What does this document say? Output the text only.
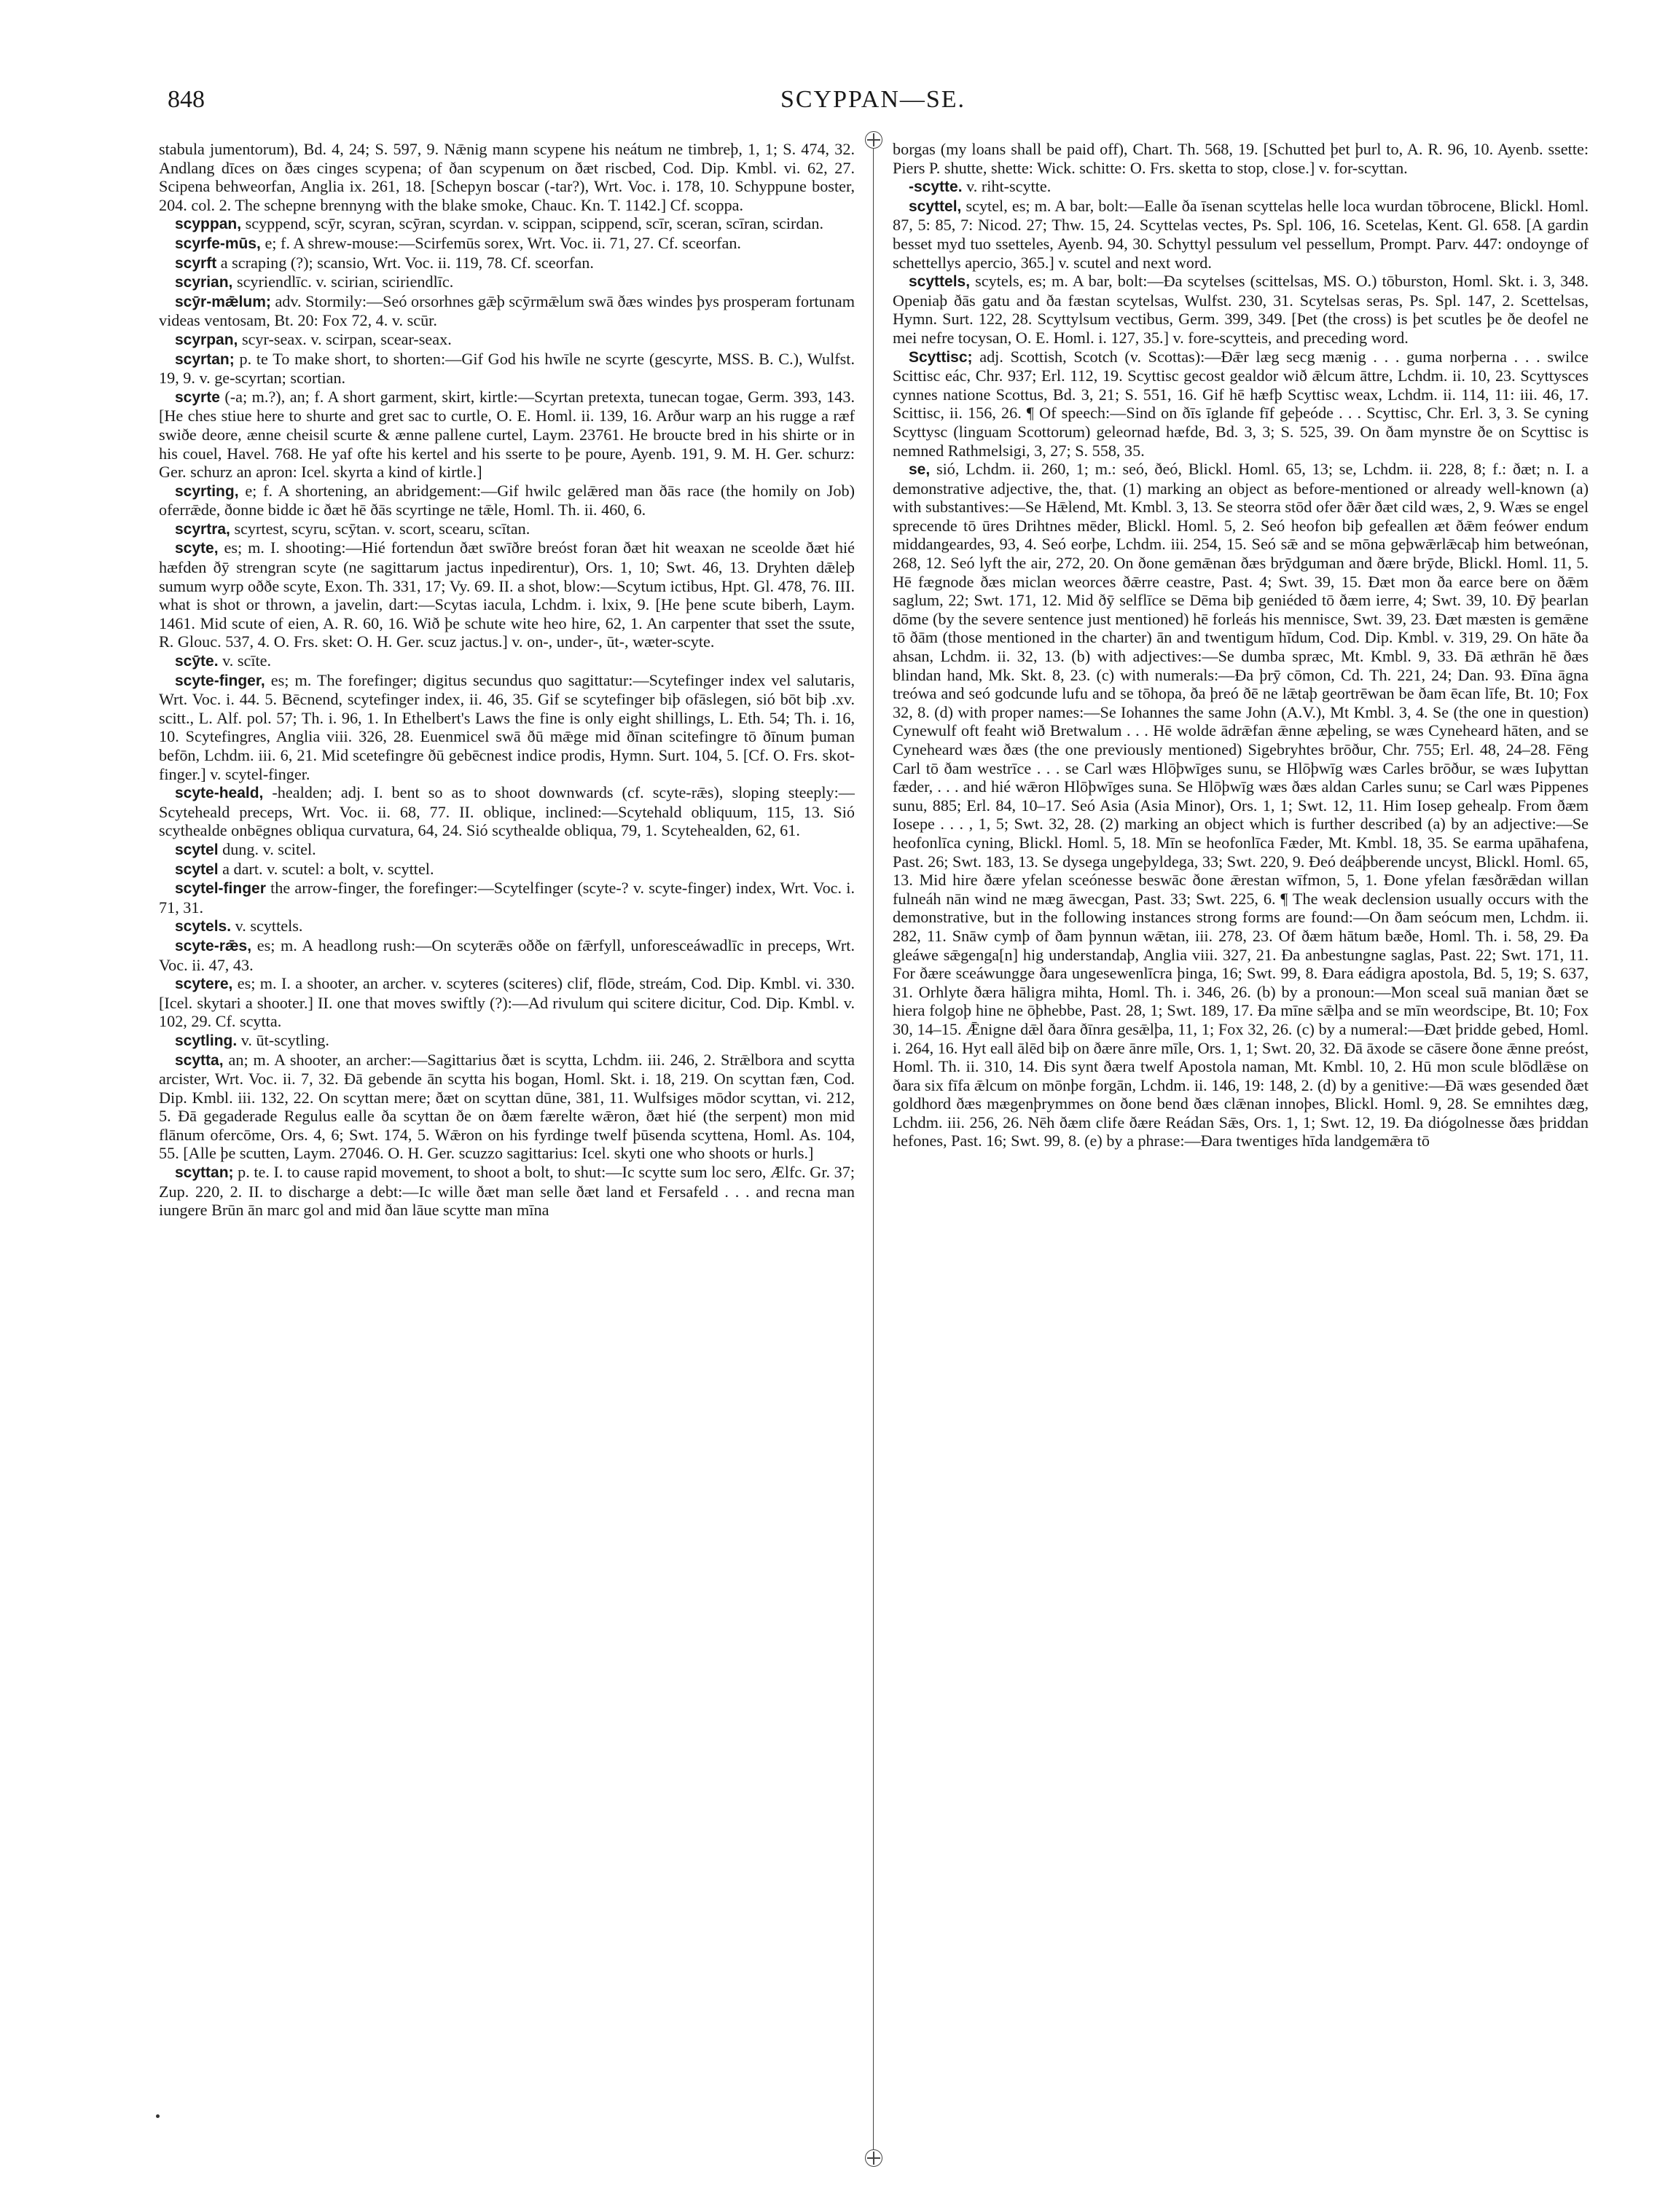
848	SCYPPAN—SE.

stabula jumentorum), Bd. 4, 24; S. 597, 9. Nǣnig mann scypene his neátum ne timbreþ, 1, 1; S. 474, 32. Andlang dīces on ðæs cinges scypena; of ðan scypenum on ðæt riscbed, Cod. Dip. Kmbl. vi. 62, 27. Scipena behweorfan, Anglia ix. 261, 18. [Schepyn boscar (-tar?), Wrt. Voc. i. 178, 10. Schyppune boster, 204. col. 2. The schepne brennyng with the blake smoke, Chauc. Kn. T. 1142.] Cf. scoppa.

scyppan, scyppend, scȳr, scyran, scȳran, scyrdan. v. scippan, scippend, scīr, sceran, scīran, scirdan.

scyrfe-mūs, e; f. A shrew-mouse:—Scirfemūs sorex, Wrt. Voc. ii. 71, 27. Cf. sceorfan.

scyrft a scraping (?); scansio, Wrt. Voc. ii. 119, 78. Cf. sceorfan.

scyrian, scyriendlīc. v. scirian, sciriendlīc.

scȳr-mǣlum; adv. Stormily:—Seó orsorhnes gǣþ scȳrmǣlum swā ðæs windes þys prosperam fortunam videas ventosam, Bt. 20: Fox 72, 4. v. scūr.

scyrpan, scyr-seax. v. scirpan, scear-seax.

scyrtan; p. te To make short, to shorten:—Gif God his hwīle ne scyrte (gescyrte, MSS. B. C.), Wulfst. 19, 9. v. ge-scyrtan; scortian.

scyrte (-a; m.?), an; f. A short garment, skirt, kirtle:—Scyrtan pretexta, tunecan togae, Germ. 393, 143. [He ches stiue here to shurte and gret sac to curtle, O. E. Homl. ii. 139, 16. Arður warp an his rugge a ræf swiðe deore, ænne cheisil scurte & ænne pallene curtel, Laym. 23761. He broucte bred in his shirte or in his couel, Havel. 768. He yaf ofte his kertel and his sserte to þe poure, Ayenb. 191, 9. M. H. Ger. schurz: Ger. schurz an apron: Icel. skyrta a kind of kirtle.]

scyrting, e; f. A shortening, an abridgement:—Gif hwilc gelǣred man ðās race (the homily on Job) oferrǣde, ðonne bidde ic ðæt hē ðās scyrtinge ne tǣle, Homl. Th. ii. 460, 6.

scyrtra, scyrtest, scyru, scȳtan. v. scort, scearu, scītan.

scyte, es; m. I. shooting:—Hié fortendun ðæt swīðre breóst foran ðæt hit weaxan ne sceolde ðæt hié hæfden ðȳ strengran scyte (ne sagittarum jactus inpedirentur), Ors. 1, 10; Swt. 46, 13. Dryhten dǣleþ sumum wyrp oððe scyte, Exon. Th. 331, 17; Vy. 69. II. a shot, blow:—Scytum ictibus, Hpt. Gl. 478, 76. III. what is shot or thrown, a javelin, dart:—Scytas iacula, Lchdm. i. lxix, 9. [He þene scute biberh, Laym. 1461. Mid scute of eien, A. R. 60, 16. Wið þe schute wite heo hire, 62, 1. An carpenter that sset the ssute, R. Glouc. 537, 4. O. Frs. sket: O. H. Ger. scuz jactus.] v. on-, under-, ūt-, wæter-scyte.

scȳte. v. scīte.

scyte-finger, es; m. The forefinger; digitus secundus quo sagittatur:—Scytefinger index vel salutaris, Wrt. Voc. i. 44. 5. Bēcnend, scytefinger index, ii. 46, 35. Gif se scytefinger biþ ofāslegen, sió bōt biþ .xv. scitt., L. Alf. pol. 57; Th. i. 96, 1. In Ethelbert's Laws the fine is only eight shillings, L. Eth. 54; Th. i. 16, 10. Scytefingres, Anglia viii. 326, 28. Euenmicel swā ðū mǣge mid ðīnan scitefingre tō ðīnum þuman befōn, Lchdm. iii. 6, 21. Mid scetefingre ðū gebēcnest indice prodis, Hymn. Surt. 104, 5. [Cf. O. Frs. skot-finger.] v. scytel-finger.

scyte-heald, -healden; adj. I. bent so as to shoot downwards (cf. scyte-rǣs), sloping steeply:—Scyteheald preceps, Wrt. Voc. ii. 68, 77. II. oblique, inclined:—Scytehald obliquum, 115, 13. Sió scythealde onbēgnes obliqua curvatura, 64, 24. Sió scythealde obliqua, 79, 1. Scytehealden, 62, 61.

scytel dung. v. scitel.

scytel a dart. v. scutel: a bolt, v. scyttel.

scytel-finger the arrow-finger, the forefinger:—Scytelfinger (scyte-? v. scyte-finger) index, Wrt. Voc. i. 71, 31.

scytels. v. scyttels.

scyte-rǣs, es; m. A headlong rush:—On scyterǣs oððe on fǣrfyll, unforesceáwadlīc in preceps, Wrt. Voc. ii. 47, 43.

scytere, es; m. I. a shooter, an archer. v. scyteres (sciteres) clif, flōde, streám, Cod. Dip. Kmbl. vi. 330. [Icel. skytari a shooter.] II. one that moves swiftly (?):—Ad rivulum qui scitere dicitur, Cod. Dip. Kmbl. v. 102, 29. Cf. scytta.

scytling. v. ūt-scytling.

scytta, an; m. A shooter, an archer:—Sagittarius ðæt is scytta, Lchdm. iii. 246, 2. Strǣlbora and scytta arcister, Wrt. Voc. ii. 7, 32. Ðā gebende ān scytta his bogan, Homl. Skt. i. 18, 219. On scyttan fæn, Cod. Dip. Kmbl. iii. 132, 22. On scyttan mere; ðæt on scyttan dūne, 381, 11. Wulfsiges mōdor scyttan, vi. 212, 5. Ðā gegaderade Regulus ealle ða scyttan ðe on ðæm færelte wǣron, ðæt hié (the serpent) mon mid flānum ofercōme, Ors. 4, 6; Swt. 174, 5. Wǣron on his fyrdinge twelf þūsenda scyttena, Homl. As. 104, 55. [Alle þe scutten, Laym. 27046. O. H. Ger. scuzzo sagittarius: Icel. skyti one who shoots or hurls.]

scyttan; p. te. I. to cause rapid movement, to shoot a bolt, to shut:—Ic scytte sum loc sero, Ælfc. Gr. 37; Zup. 220, 2. II. to discharge a debt:—Ic wille ðæt man selle ðæt land et Fersafeld . . . and recna man iungere Brūn ān marc gol and mid ðan lāue scytte man mīna

borgas (my loans shall be paid off), Chart. Th. 568, 19. [Schutted þet þurl to, A. R. 96, 10. Ayenb. ssette: Piers P. shutte, shette: Wick. schitte: O. Frs. sketta to stop, close.] v. for-scyttan.

-scytte. v. riht-scytte.

scyttel, scytel, es; m. A bar, bolt:—Ealle ða īsenan scyttelas helle loca wurdan tōbrocene, Blickl. Homl. 87, 5: 85, 7: Nicod. 27; Thw. 15, 24. Scyttelas vectes, Ps. Spl. 106, 16. Scetelas, Kent. Gl. 658. [A gardin besset myd tuo ssetteles, Ayenb. 94, 30. Schyttyl pessulum vel pessellum, Prompt. Parv. 447: ondoynge of schettellys apercio, 365.] v. scutel and next word.

scyttels, scytels, es; m. A bar, bolt:—Ða scytelses (scittelsas, MS. O.) tōburston, Homl. Skt. i. 3, 348. Openiaþ ðās gatu and ða fæstan scytelsas, Wulfst. 230, 31. Scytelsas seras, Ps. Spl. 147, 2. Scettelsas, Hymn. Surt. 122, 28. Scyttylsum vectibus, Germ. 399, 349. [Þet (the cross) is þet scutles þe ðe deofel ne mei nefre tocysan, O. E. Homl. i. 127, 35.] v. fore-scytteis, and preceding word.

Scyttisc; adj. Scottish, Scotch (v. Scottas):—Ðǣr læg secg mænig . . . guma norþerna . . . swilce Scittisc eác, Chr. 937; Erl. 112, 19. Scyttisc gecost gealdor wið ǣlcum āttre, Lchdm. ii. 10, 23. Scyttysces cynnes natione Scottus, Bd. 3, 21; S. 551, 16. Gif hē hæfþ Scyttisc weax, Lchdm. ii. 114, 11: iii. 46, 17. Scittisc, ii. 156, 26. ¶ Of speech:—Sind on ðīs īglande fīf geþeóde . . . Scyttisc, Chr. Erl. 3, 3. Se cyning Scyttysc (linguam Scottorum) geleornad hæfde, Bd. 3, 3; S. 525, 39. On ðam mynstre ðe on Scyttisc is nemned Rathmelsigi, 3, 27; S. 558, 35.

se, sió, Lchdm. ii. 260, 1; m.: seó, ðeó, Blickl. Homl. 65, 13; se, Lchdm. ii. 228, 8; f.: ðæt; n. I. a demonstrative adjective, the, that. (1) marking an object as before-mentioned or already well-known (a) with substantives:—Se Hǣlend, Mt. Kmbl. 3, 13. Se steorra stōd ofer ðǣr ðæt cild wæs, 2, 9. Wæs se engel sprecende tō ūres Drihtnes mēder, Blickl. Homl. 5, 2. Seó heofon biþ gefeallen æt ðǣm feówer endum middangeardes, 93, 4. Seó eorþe, Lchdm. iii. 254, 15. Seó sǣ and se mōna geþwǣrlǣcaþ him betweónan, 268, 12. Seó lyft the air, 272, 20. On ðone gemǣnan ðæs brȳdguman and ðære brȳde, Blickl. Homl. 11, 5. Hē fægnode ðæs miclan weorces ðǣrre ceastre, Past. 4; Swt. 39, 15. Ðæt mon ða earce bere on ðǣm saglum, 22; Swt. 171, 12. Mid ðȳ selflīce se Dēma biþ geniéded tō ðæm ierre, 4; Swt. 39, 10. Ðȳ þearlan dōme (by the severe sentence just mentioned) hē forleás his mennisce, Swt. 39, 23. Ðæt mæsten is gemǣne tō ðām (those mentioned in the charter) ān and twentigum hīdum, Cod. Dip. Kmbl. v. 319, 29. On hāte ða ahsan, Lchdm. ii. 32, 13. (b) with adjectives:—Se dumba spræc, Mt. Kmbl. 9, 33. Ðā æthrān hē ðæs blindan hand, Mk. Skt. 8, 23. (c) with numerals:—Ða þrȳ cōmon, Cd. Th. 221, 24; Dan. 93. Ðīna āgna treówa and seó godcunde lufu and se tōhopa, ða þreó ðē ne lǣtaþ geortrēwan be ðam ēcan līfe, Bt. 10; Fox 32, 8. (d) with proper names:—Se Iohannes the same John (A.V.), Mt Kmbl. 3, 4. Se (the one in question) Cynewulf oft feaht wið Bretwalum . . . Hē wolde ādrǣfan ǣnne æþeling, se wæs Cyneheard hāten, and se Cyneheard wæs ðæs (the one previously mentioned) Sigebryhtes brōður, Chr. 755; Erl. 48, 24–28. Fēng Carl tō ðam westrīce . . . se Carl wæs Hlōþwīges sunu, se Hlōþwīg wæs Carles brōður, se wæs Iuþyttan fæder, . . . and hié wǣron Hlōþwīges suna. Se Hlōþwīg wæs ðæs aldan Carles sunu; se Carl wæs Pippenes sunu, 885; Erl. 84, 10–17. Seó Asia (Asia Minor), Ors. 1, 1; Swt. 12, 11. Him Iosep gehealp. From ðæm Iosepe . . . , 1, 5; Swt. 32, 28. (2) marking an object which is further described (a) by an adjective:—Se heofonlīca cyning, Blickl. Homl. 5, 18. Mīn se heofonlīca Fæder, Mt. Kmbl. 18, 35. Se earma upāhafena, Past. 26; Swt. 183, 13. Se dysega ungeþyldega, 33; Swt. 220, 9. Ðeó deáþberende uncyst, Blickl. Homl. 65, 13. Mid hire ðære yfelan sceónesse beswāc ðone ǣrestan wīfmon, 5, 1. Ðone yfelan fæsðrǣdan willan fulneáh nān wind ne mæg āwecgan, Past. 33; Swt. 225, 6. ¶ The weak declension usually occurs with the demonstrative, but in the following instances strong forms are found:—On ðam seócum men, Lchdm. ii. 282, 11. Snāw cymþ of ðam þynnun wǣtan, iii. 278, 23. Of ðæm hātum bæðe, Homl. Th. i. 58, 29. Ða gleáwe sǣgenga[n] hig understandaþ, Anglia viii. 327, 21. Ða anbestungne saglas, Past. 22; Swt. 171, 11. For ðære sceáwunggе ðara ungesewenlīcra þinga, 16; Swt. 99, 8. Ðara eádigra apostola, Bd. 5, 19; S. 637, 31. Orhlyte ðæra hāligra mihta, Homl. Th. i. 346, 26. (b) by a pronoun:—Mon sceal suā manian ðæt se hiera folgoþ hine ne ōþhebbe, Past. 28, 1; Swt. 189, 17. Ða mīne sǣlþa and se mīn weordscipe, Bt. 10; Fox 30, 14–15. Ǣnigne dǣl ðara ðīnra gesǣlþa, 11, 1; Fox 32, 26. (c) by a numeral:—Ðæt þridde gebed, Homl. i. 264, 16. Hyt eall ālēd biþ on ðære ānre mīle, Ors. 1, 1; Swt. 20, 32. Ðā āxode se cāsere ðone ǣnne preóst, Homl. Th. ii. 310, 14. Ðis synt ðæra twelf Apostola naman, Mt. Kmbl. 10, 2. Hū mon scule blōdlǣse on ðara six fīfa ǣlcum on mōnþe forgān, Lchdm. ii. 146, 19: 148, 2. (d) by a genitive:—Ðā wæs gesended ðæt goldhord ðæs mægenþrymmes on ðone bend ðæs clǣnan innoþes, Blickl. Homl. 9, 28. Se emnihtes dæg, Lchdm. iii. 256, 26. Nēh ðæm clife ðære Reádan Sǣs, Ors. 1, 1; Swt. 12, 19. Ða diógolnesse ðæs þriddan hefones, Past. 16; Swt. 99, 8. (e) by a phrase:—Ðara twentiges hīda landgemǣra tō
